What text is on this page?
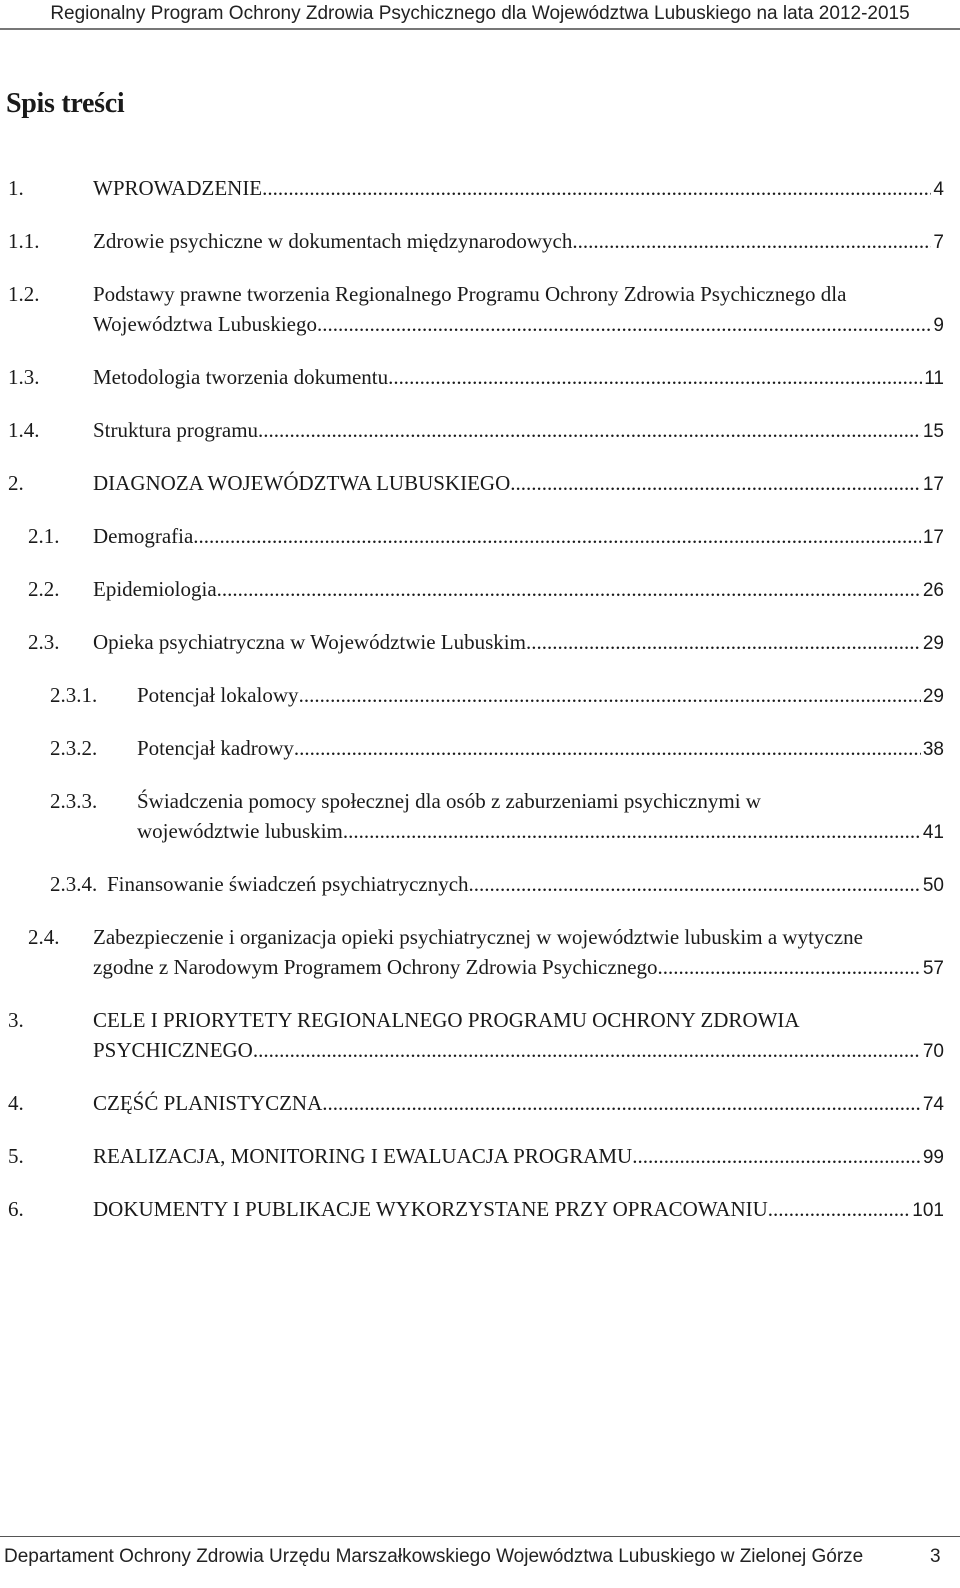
Regionalny Program Ochrony Zdrowia Psychicznego dla Województwa Lubuskiego na lata 2012-2015
Spis treści
1.	WPROWADZENIE .....	4
1.1.	Zdrowie psychiczne w dokumentach międzynarodowych .....	7
1.2.	Podstawy prawne tworzenia Regionalnego Programu Ochrony Zdrowia Psychicznego dla
Województwa Lubuskiego .....	9
1.3.	Metodologia tworzenia dokumentu .....	11
1.4.	Struktura programu .....	15
2.	DIAGNOZA WOJEWÓDZTWA LUBUSKIEGO .....	17
2.1. Demografia .....	17
2.2. Epidemiologia .....	26
2.3. Opieka psychiatryczna w Województwie Lubuskim .....	29
2.3.1. Potencjał lokalowy .....	29
2.3.2. Potencjał kadrowy .....	38
2.3.3. Świadczenia pomocy społecznej dla osób z zaburzeniami psychicznymi w
województwie lubuskim .....	41
2.3.4. Finansowanie świadczeń psychiatrycznych .....	50
2.4. Zabezpieczenie i organizacja opieki psychiatrycznej w województwie lubuskim a wytyczne
zgodne z Narodowym Programem Ochrony Zdrowia Psychicznego .....	57
3.	CELE I PRIORYTETY REGIONALNEGO PROGRAMU OCHRONY ZDROWIA
PSYCHICZNEGO .....	70
4.	CZĘŚĆ PLANISTYCZNA .....	74
5.	REALIZACJA, MONITORING I EWALUACJA PROGRAMU .....	99
6.	DOKUMENTY I PUBLIKACJE WYKORZYSTANE PRZY OPRACOWANIU .....	101
Departament Ochrony Zdrowia Urzędu Marszałkowskiego Województwa Lubuskiego w Zielonej Górze	3
